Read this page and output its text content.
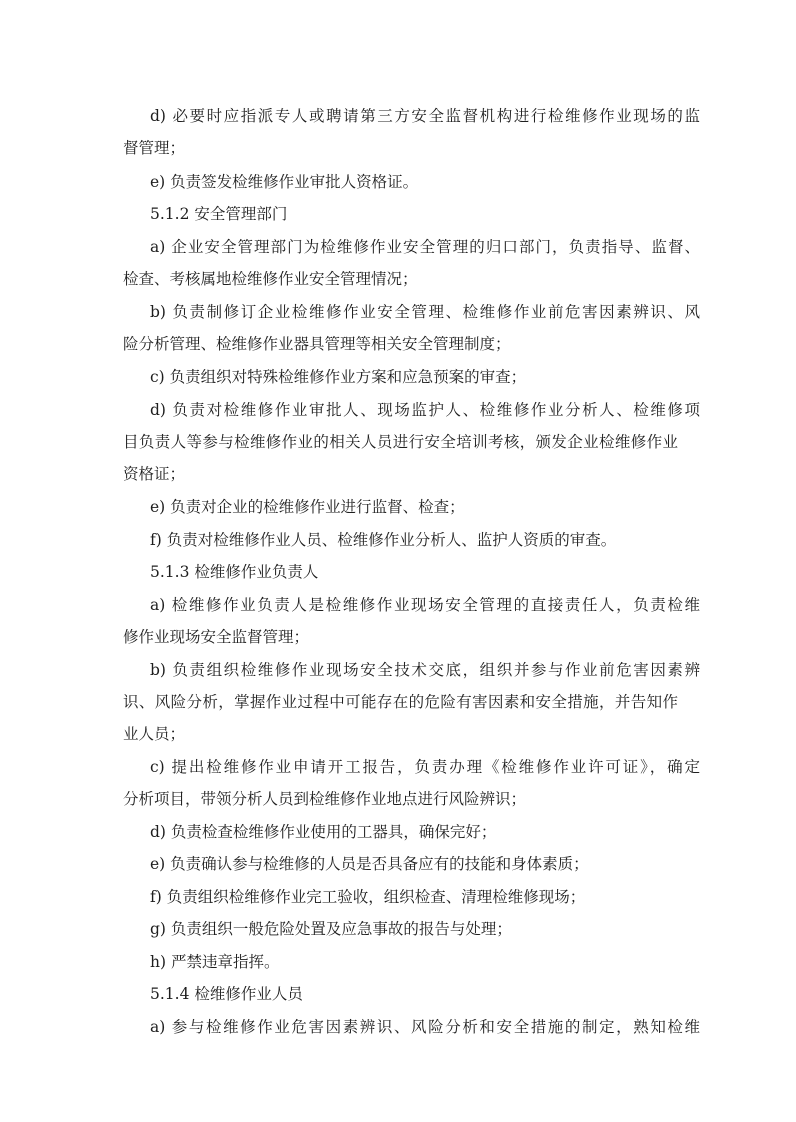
d) 必要时应指派专人或聘请第三方安全监督机构进行检维修作业现场的监
督管理；
e) 负责签发检维修作业审批人资格证。
5.1.2 安全管理部门
a) 企业安全管理部门为检维修作业安全管理的归口部门，负责指导、监督、
检查、考核属地检维修作业安全管理情况；
b) 负责制修订企业检维修作业安全管理、检维修作业前危害因素辨识、风
险分析管理、检维修作业器具管理等相关安全管理制度；
c) 负责组织对特殊检维修作业方案和应急预案的审查；
d) 负责对检维修作业审批人、现场监护人、检维修作业分析人、检维修项
目负责人等参与检维修作业的相关人员进行安全培训考核，颁发企业检维修作业
资格证；
e) 负责对企业的检维修作业进行监督、检查；
f) 负责对检维修作业人员、检维修作业分析人、监护人资质的审查。
5.1.3 检维修作业负责人
a) 检维修作业负责人是检维修作业现场安全管理的直接责任人，负责检维
修作业现场安全监督管理；
b) 负责组织检维修作业现场安全技术交底，组织并参与作业前危害因素辨
识、风险分析，掌握作业过程中可能存在的危险有害因素和安全措施，并告知作
业人员；
c) 提出检维修作业申请开工报告，负责办理《检维修作业许可证》，确定
分析项目，带领分析人员到检维修作业地点进行风险辨识；
d) 负责检查检维修作业使用的工器具，确保完好；
e) 负责确认参与检维修的人员是否具备应有的技能和身体素质；
f) 负责组织检维修作业完工验收，组织检查、清理检维修现场；
g) 负责组织一般危险处置及应急事故的报告与处理；
h) 严禁违章指挥。
5.1.4 检维修作业人员
a) 参与检维修作业危害因素辨识、风险分析和安全措施的制定，熟知检维
